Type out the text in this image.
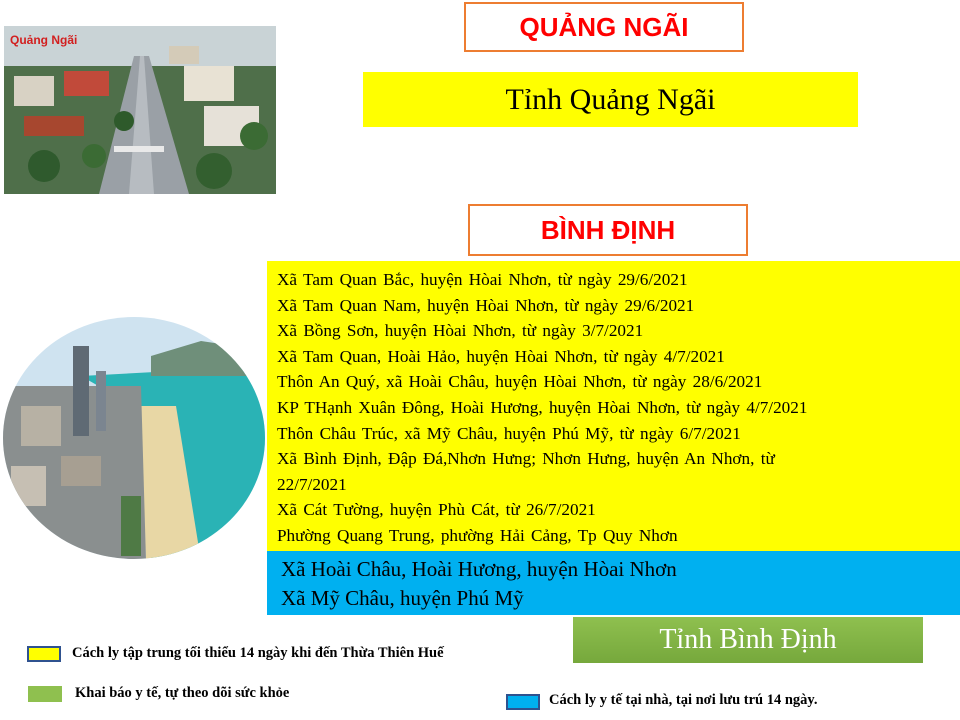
Quảng Ngãi	QUẢNG NGÃI
Tỉnh Quảng Ngãi
BÌNH ĐỊNH
Xã Tam Quan Bắc, huyện Hòai Nhơn, từ ngày 29/6/2021
Xã Tam Quan Nam, huyện Hòai Nhơn, từ ngày 29/6/2021
Xã Bồng Sơn, huyện Hòai Nhơn, từ ngày 3/7/2021
Xã Tam Quan, Hoài Hảo, huyện Hòai Nhơn, từ ngày 4/7/2021
Thôn An Quý, xã Hoài Châu, huyện Hòai Nhơn, từ ngày 28/6/2021
KP THạnh Xuân Đông, Hoài Hương, huyện Hòai Nhơn, từ ngày 4/7/2021
Thôn Châu Trúc, xã Mỹ Châu, huyện Phú Mỹ, từ ngày 6/7/2021
Xã Bình Định, Đập Đá,Nhơn Hưng; Nhơn Hưng, huyện An Nhơn, từ
22/7/2021
Xã Cát Tường, huyện Phù Cát, từ 26/7/2021
Phường Quang Trung, phường Hải Cảng, Tp Quy Nhơn
Xã Hoài Châu, Hoài Hương, huyện Hòai Nhơn
Xã Mỹ Châu, huyện Phú Mỹ
Tỉnh Bình Định
Cách ly tập trung tối thiểu 14 ngày khi đến Thừa Thiên Huế
Khai báo y tế, tự theo dõi sức khỏe	Cách ly y tế tại nhà, tại nơi lưu trú 14 ngày.
